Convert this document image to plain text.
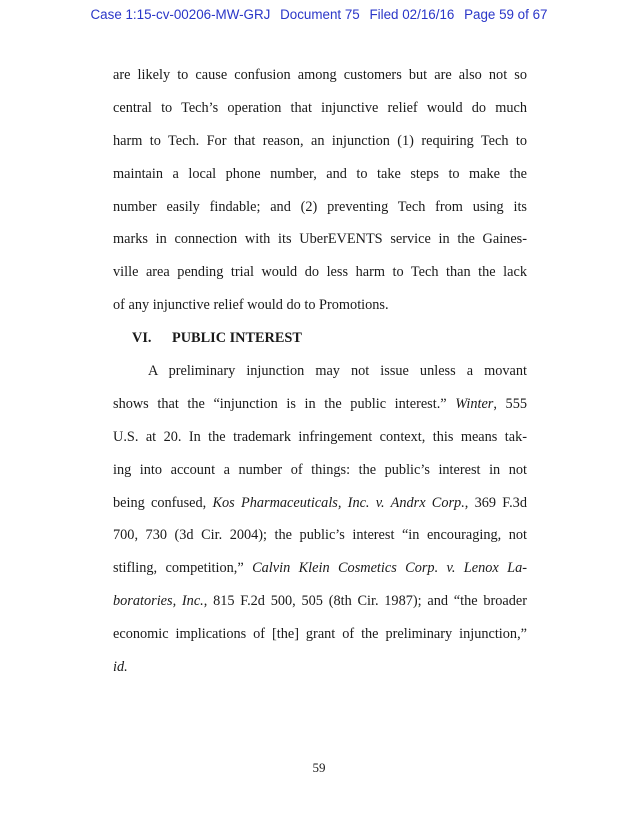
Case 1:15-cv-00206-MW-GRJ Document 75 Filed 02/16/16 Page 59 of 67
are likely to cause confusion among customers but are also not so
central to Tech’s operation that injunctive relief would do much
harm to Tech. For that reason, an injunction (1) requiring Tech to
maintain a local phone number, and to take steps to make the
number easily findable; and (2) preventing Tech from using its
marks in connection with its UberEVENTS service in the Gaines-
ville area pending trial would do less harm to Tech than the lack
of any injunctive relief would do to Promotions.
VI. PUBLIC INTEREST
A preliminary injunction may not issue unless a movant
shows that the “injunction is in the public interest.” Winter, 555
U.S. at 20. In the trademark infringement context, this means tak-
ing into account a number of things: the public’s interest in not
being confused, Kos Pharmaceuticals, Inc. v. Andrx Corp., 369 F.3d
700, 730 (3d Cir. 2004); the public’s interest “in encouraging, not
stifling, competition,” Calvin Klein Cosmetics Corp. v. Lenox La-
boratories, Inc., 815 F.2d 500, 505 (8th Cir. 1987); and “the broader
economic implications of [the] grant of the preliminary injunction,”
id.
59
